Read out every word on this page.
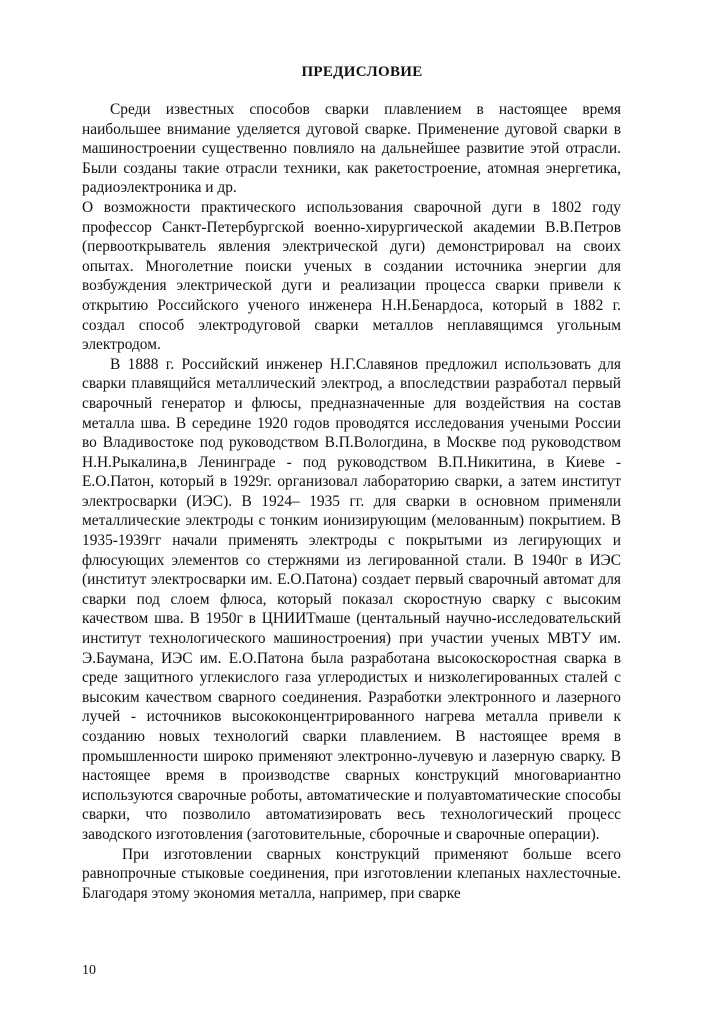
ПРЕДИСЛОВИЕ

Среди известных способов сварки плавлением в настоящее время наибольшее внимание уделяется дуговой сварке. Применение дуговой сварки в машиностроении существенно повлияло на дальнейшее развитие этой отрасли. Были созданы такие отрасли техники, как ракетостроение, атомная энергетика, радиоэлектроника и др.

О возможности практического использования сварочной дуги в 1802 году профессор Санкт-Петербургской военно-хирургической академии В.В.Петров (первооткрыватель явления электрической дуги) демонстрировал на своих опытах. Многолетние поиски ученых в создании источника энергии для возбуждения электрической дуги и реализации процесса сварки привели к открытию Российского ученого инженера Н.Н.Бенардоса, который в 1882 г. создал способ электродуговой сварки металлов неплавящимся угольным электродом.

В 1888 г. Российский инженер Н.Г.Славянов предложил использовать для сварки плавящийся металлический электрод, а впоследствии разработал первый сварочный генератор и флюсы, предназначенные для воздействия на состав металла шва. В середине 1920 годов проводятся исследования учеными России во Владивостоке под руководством В.П.Вологдина, в Москве под руководством Н.Н.Рыкалина,в Ленинграде - под руководством В.П.Никитина, в Киеве - Е.О.Патон, который в 1929г. организовал лабораторию сварки, а затем институт электросварки (ИЭС). В 1924– 1935 гг. для сварки в основном применяли металлические электроды с тонким ионизирующим (мелованным) покрытием. В 1935-1939гг начали применять электроды с покрытыми из легирующих и флюсующих элементов со стержнями из легированной стали. В 1940г в ИЭС (институт электросварки им. Е.О.Патона) создает первый сварочный автомат для сварки под слоем флюса, который показал скоростную сварку с высоким качеством шва. В 1950г в ЦНИИТмаше (центальный научно-исследовательский институт технологического машиностроения) при участии ученых МВТУ им. Э.Баумана, ИЭС им. Е.О.Патона была разработана высокоскоростная сварка в среде защитного углекислого газа углеродистых и низколегированных сталей с высоким качеством сварного соединения. Разработки электронного и лазерного лучей - источников высококонцентрированного нагрева металла привели к созданию новых технологий сварки плавлением. В настоящее время в промышленности широко применяют электронно-лучевую и лазерную сварку. В настоящее время в производстве сварных конструкций многовариантно используются сварочные роботы, автоматические и полуавтоматические способы сварки, что позволило автоматизировать весь технологический процесс заводского изготовления (заготовительные, сборочные и сварочные операции).

При изготовлении сварных конструкций применяют больше всего равнопрочные стыковые соединения, при изготовлении клепаных нахлесточные. Благодаря этому экономия металла, например, при сварке

10
